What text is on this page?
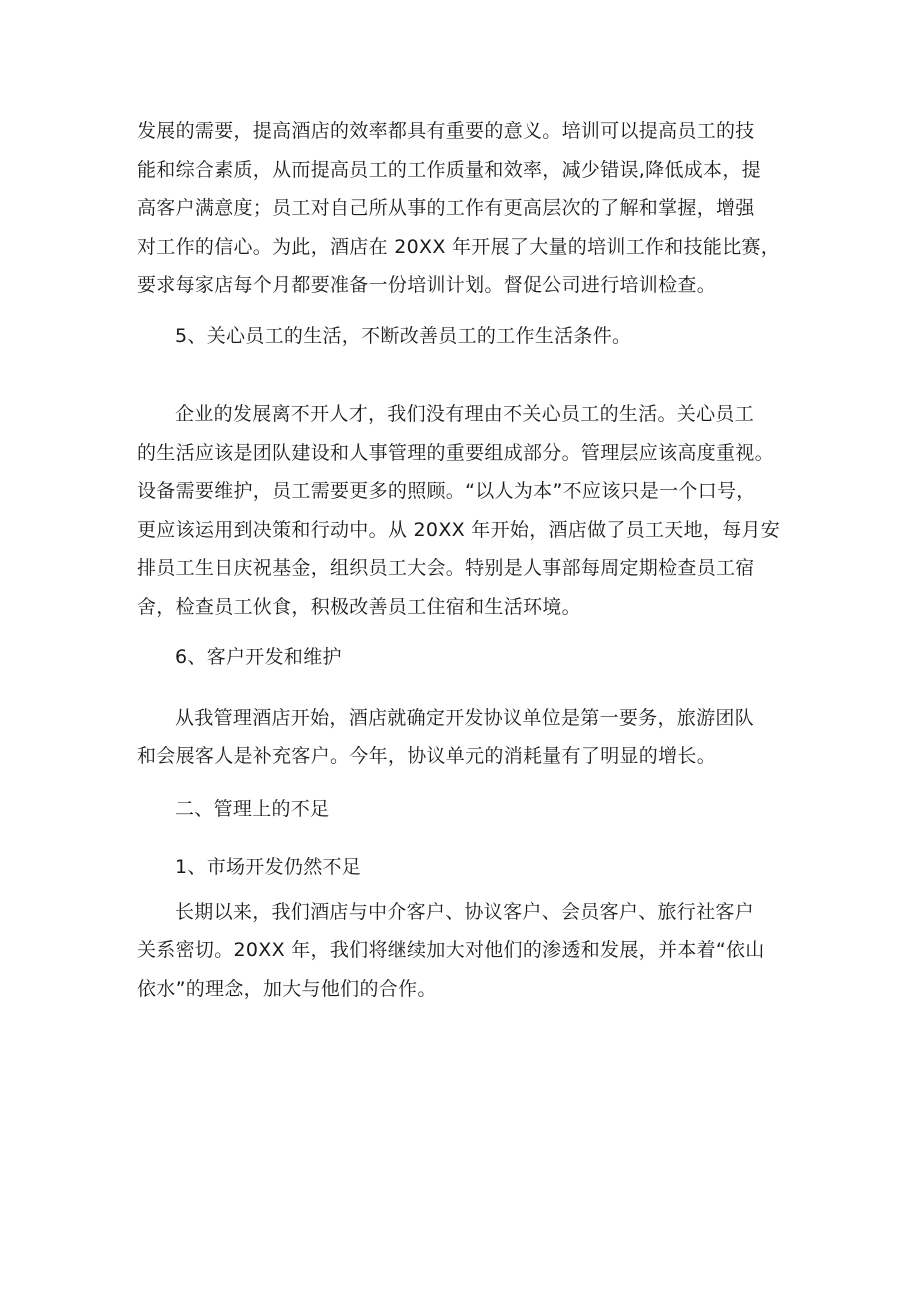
发展的需要，提高酒店的效率都具有重要的意义。培训可以提高员工的技

能和综合素质，从而提高员工的工作质量和效率，减少错误,降低成本，提

高客户满意度；员工对自己所从事的工作有更高层次的了解和掌握，增强

对工作的信心。为此，酒店在 20XX 年开展了大量的培训工作和技能比赛，

要求每家店每个月都要准备一份培训计划。督促公司进行培训检查。

5、关心员工的生活，不断改善员工的工作生活条件。

企业的发展离不开人才，我们没有理由不关心员工的生活。关心员工

的生活应该是团队建设和人事管理的重要组成部分。管理层应该高度重视。

设备需要维护，员工需要更多的照顾。“以人为本”不应该只是一个口号，

更应该运用到决策和行动中。从 20XX 年开始，酒店做了员工天地，每月安

排员工生日庆祝基金，组织员工大会。特别是人事部每周定期检查员工宿

舍，检查员工伙食，积极改善员工住宿和生活环境。

6、客户开发和维护

从我管理酒店开始，酒店就确定开发协议单位是第一要务，旅游团队

和会展客人是补充客户。今年，协议单元的消耗量有了明显的增长。

二、管理上的不足

1、市场开发仍然不足

长期以来，我们酒店与中介客户、协议客户、会员客户、旅行社客户

关系密切。20XX 年，我们将继续加大对他们的渗透和发展，并本着“依山

依水”的理念，加大与他们的合作。
